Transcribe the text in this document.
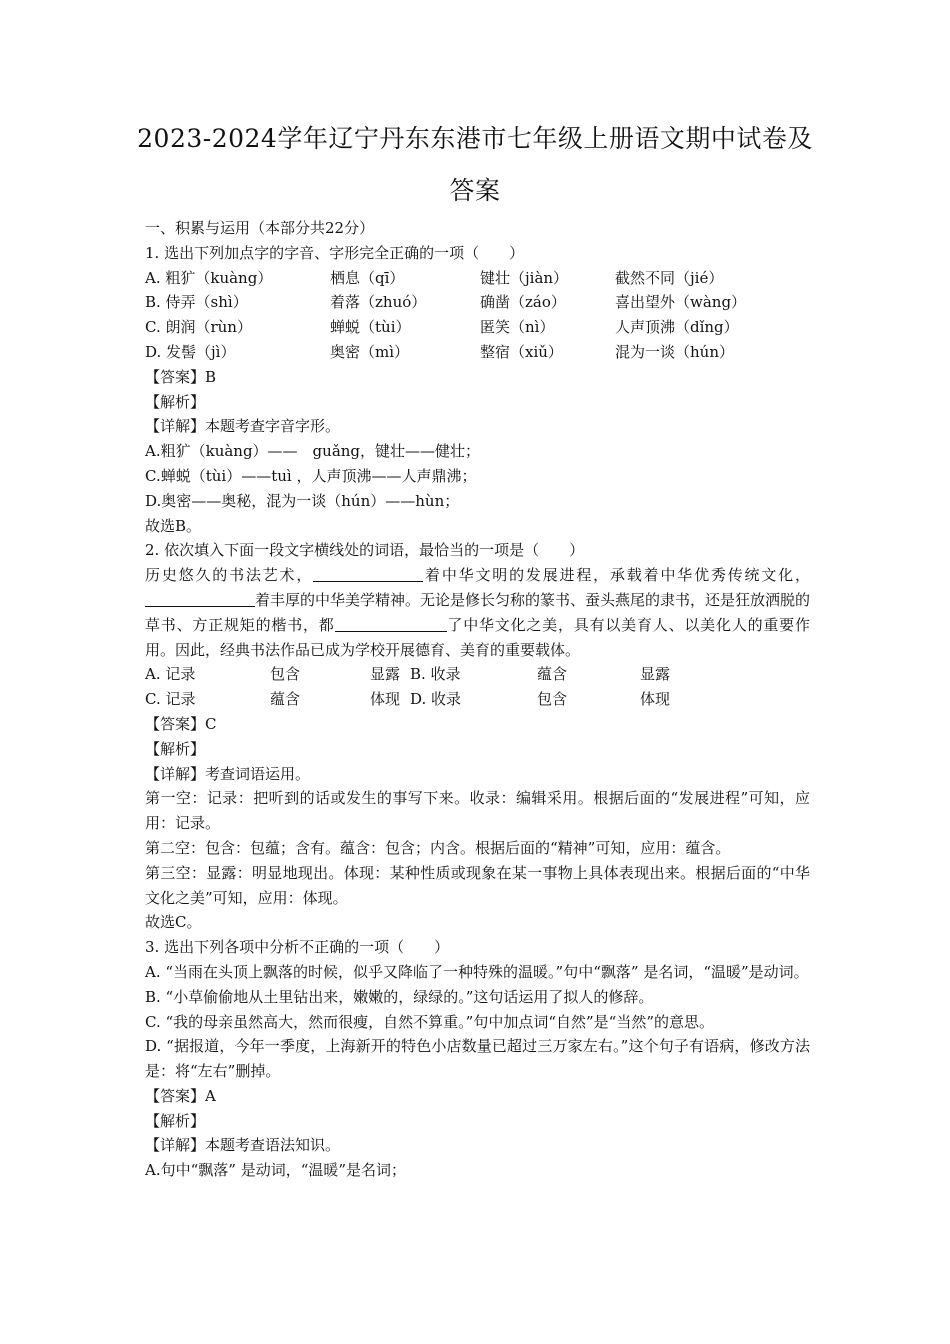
2023-2024学年辽宁丹东东港市七年级上册语文期中试卷及
答案
一、积累与运用（本部分共22分）
1. 选出下列加点字的字音、字形完全正确的一项（　　）
A. 粗犷（kuàng）	栖息（qī）	键壮（jiàn）	截然不同（jié）
B. 侍弄（shì）	着落（zhuó）	确凿（záo）	喜出望外（wàng）
C. 朗润（rùn）	蝉蜕（tùi）	匿笑（nì）	人声顶沸（dǐng）
D. 发髻（jì）	奥密（mì）	整宿（xiǔ）	混为一谈（hún）
【答案】B
【解析】
【详解】本题考查字音字形。
A.粗犷（kuàng）——　guǎng，键壮——健壮；
C.蝉蜕（tùi）——tuì ，人声顶沸——人声鼎沸；
D.奥密——奥秘，混为一谈（hún）——hùn；
故选B。
2. 依次填入下面一段文字横线处的词语，最恰当的一项是（　　）
历史悠久的书法艺术，	着中华文明的发展进程，承载着中华优秀传统文化，着丰厚的中华美学精神。无论是修长匀称的篆书、蚕头燕尾的隶书，还是狂放洒脱的草书、方正规矩的楷书，都	了中华文化之美，具有以美育人、以美化人的重要作用。因此，经典书法作品已成为学校开展德育、美育的重要载体。
A. 记录	包含	显露 B. 收录	蕴含	显露
C. 记录	蕴含	体现 D. 收录	包含	体现
【答案】C
【解析】
【详解】考查词语运用。
第一空：记录：把听到的话或发生的事写下来。收录：编辑采用。根据后面的“发展进程”可知，应用：记录。
第二空：包含：包蕴；含有。蕴含：包含；内含。根据后面的“精神”可知，应用：蕴含。
第三空：显露：明显地现出。体现：某种性质或现象在某一事物上具体表现出来。根据后面的“中华文化之美”可知，应用：体现。
故选C。
3. 选出下列各项中分析不正确的一项（　　）
A. “当雨在头顶上飘落的时候，似乎又降临了一种特殊的温暖。”句中“飘落” 是名词，“温暖”是动词。
B. “小草偷偷地从土里钻出来，嫩嫩的，绿绿的。”这句话运用了拟人的修辞。
C. “我的母亲虽然高大，然而很瘦，自然不算重。”句中加点词“自然”是“当然”的意思。
D. “据报道，今年一季度，上海新开的特色小店数量已超过三万家左右。”这个句子有语病，修改方法是：将“左右”删掉。
【答案】A
【解析】
【详解】本题考查语法知识。
A.句中“飘落” 是动词，“温暖”是名词；
